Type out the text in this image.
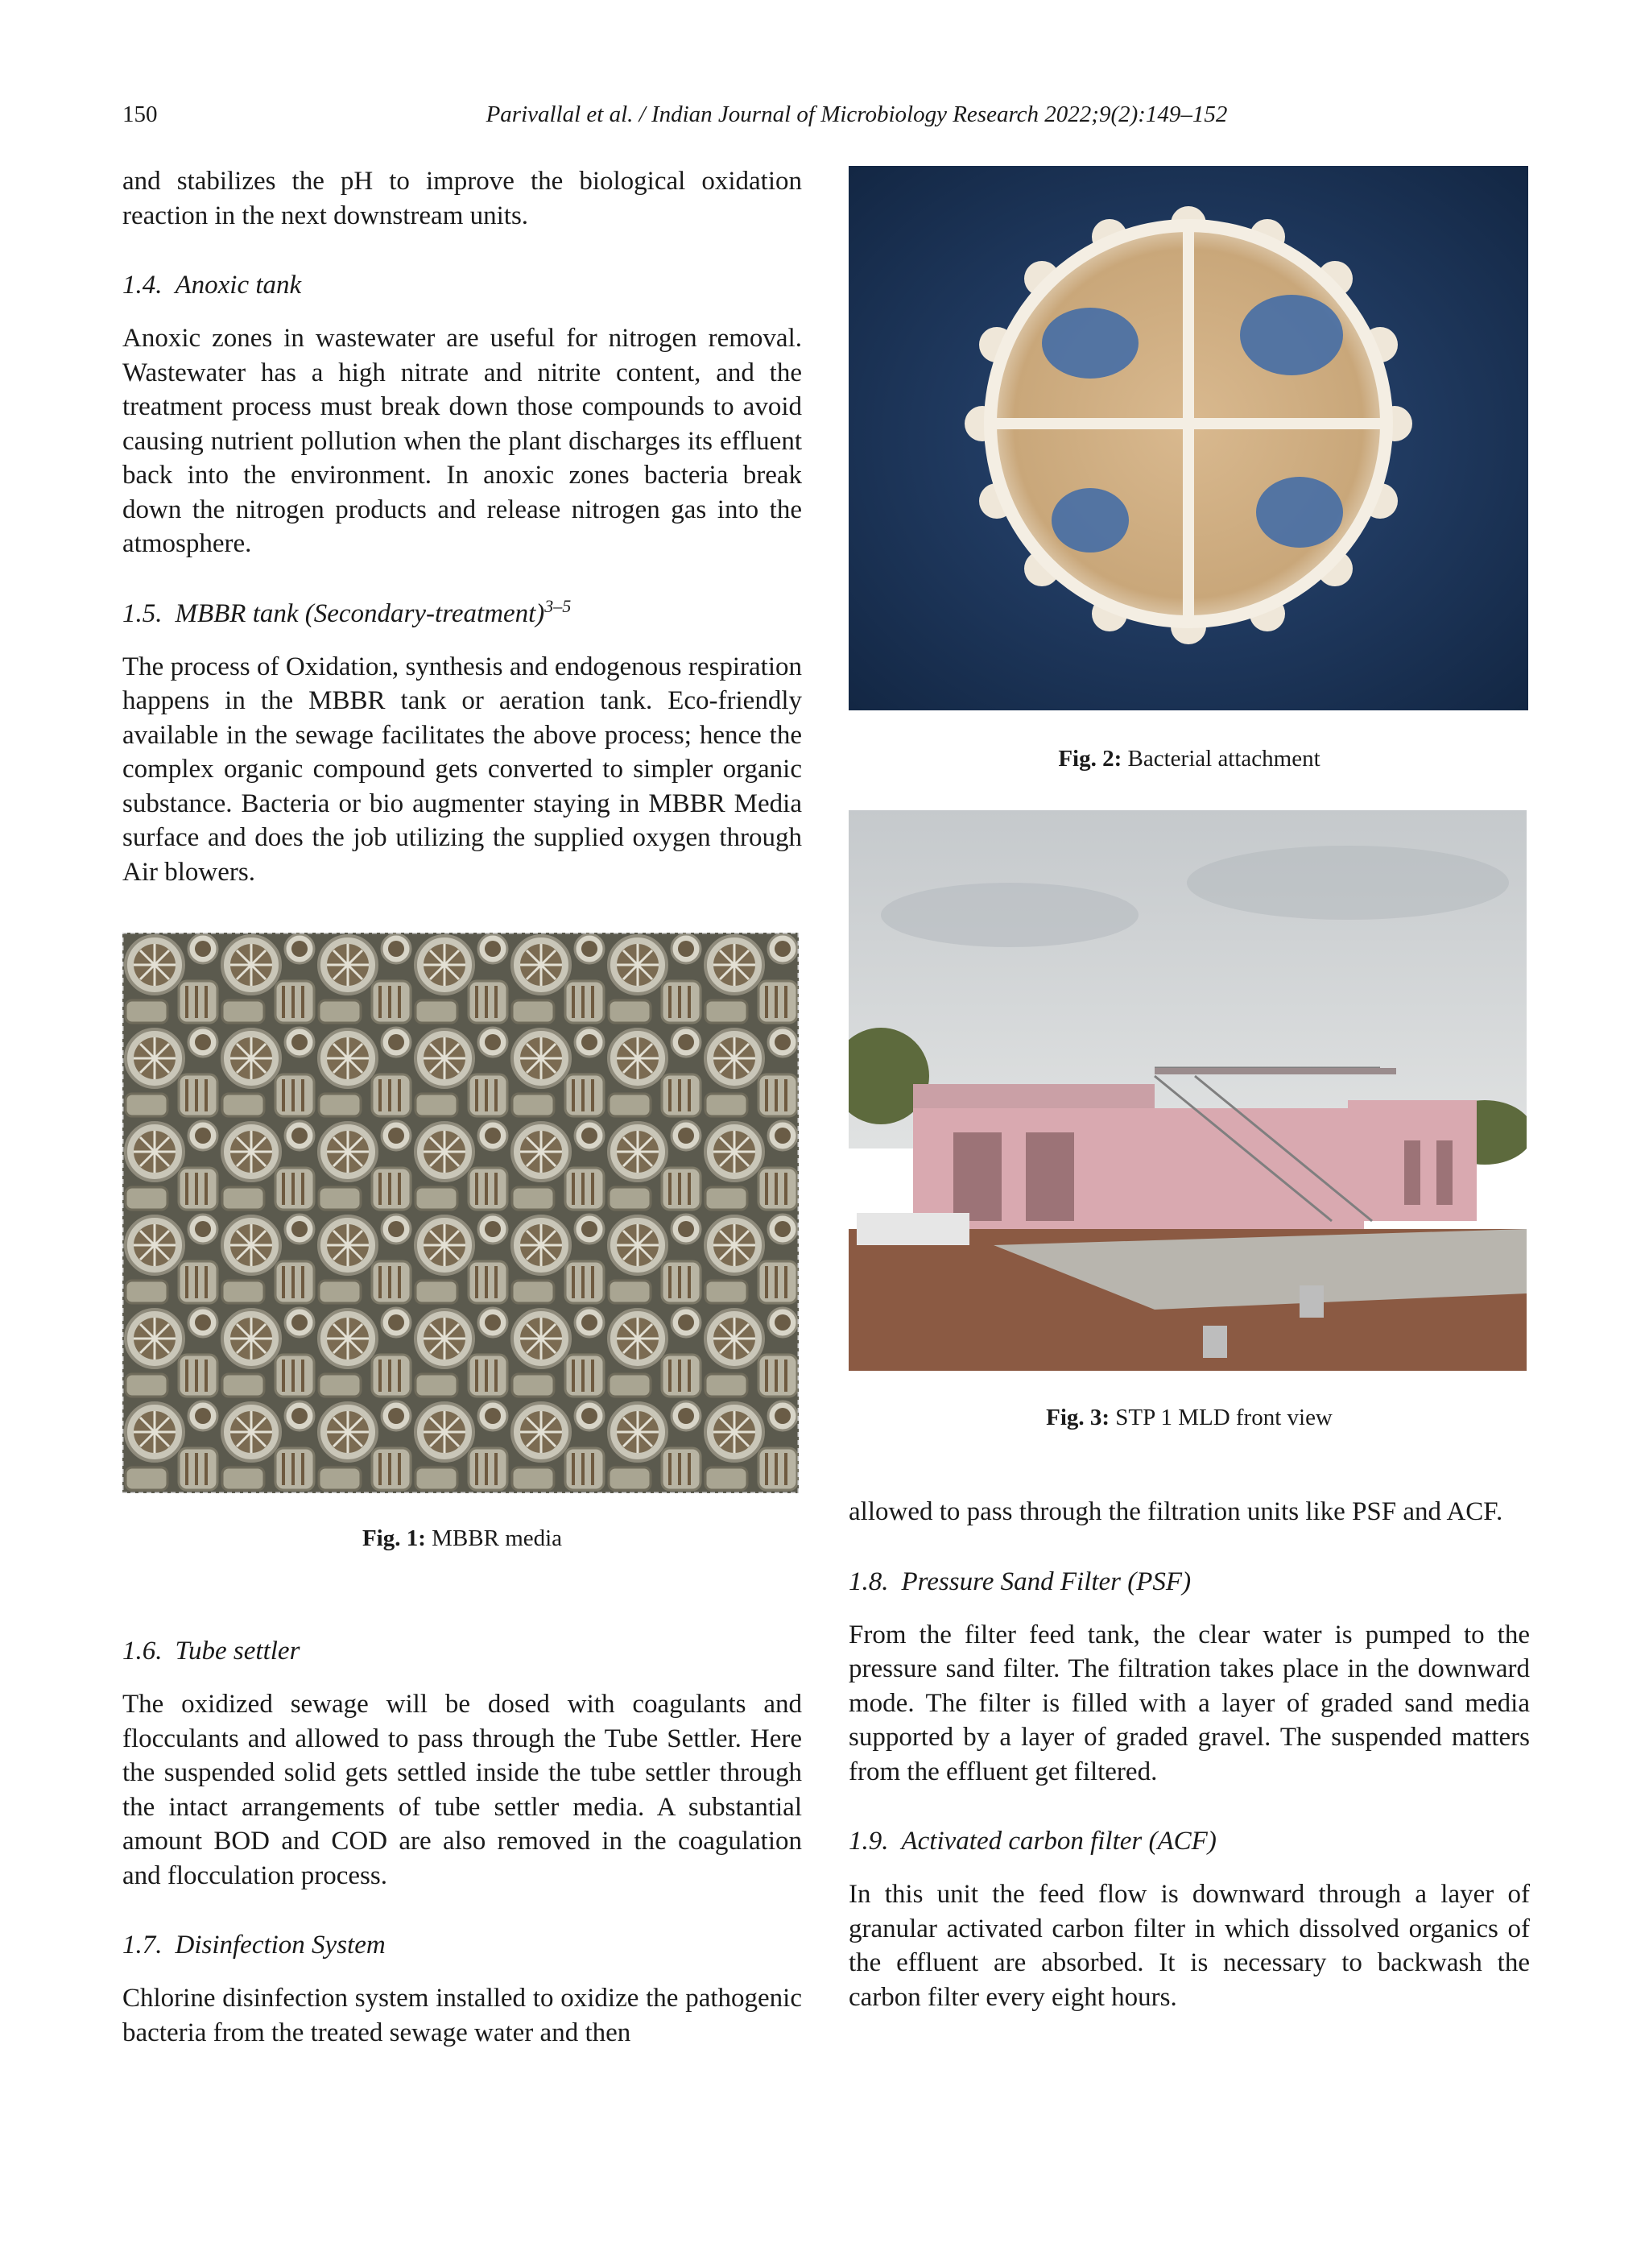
150	Parivallal et al. / Indian Journal of Microbiology Research 2022;9(2):149–152

and stabilizes the pH to improve the biological oxidation reaction in the next downstream units.

1.4. Anoxic tank

Anoxic zones in wastewater are useful for nitrogen removal. Wastewater has a high nitrate and nitrite content, and the treatment process must break down those compounds to avoid causing nutrient pollution when the plant discharges its effluent back into the environment. In anoxic zones bacteria break down the nitrogen products and release nitrogen gas into the atmosphere.

1.5. MBBR tank (Secondary-treatment)$^{3-5}$

The process of Oxidation, synthesis and endogenous respiration happens in the MBBR tank or aeration tank. Eco-friendly available in the sewage facilitates the above process; hence the complex organic compound gets converted to simpler organic substance. Bacteria or bio augmenter staying in MBBR Media surface and does the job utilizing the supplied oxygen through Air blowers.

Fig. 1: MBBR media
1.6. Tube settler

The oxidized sewage will be dosed with coagulants and flocculants and allowed to pass through the Tube Settler. Here the suspended solid gets settled inside the tube settler through the intact arrangements of tube settler media. A substantial amount BOD and COD are also removed in the coagulation and flocculation process.

1.7. Disinfection System

Chlorine disinfection system installed to oxidize the pathogenic bacteria from the treated sewage water and then

Fig. 2: Bacterial attachment
Fig. 3: STP 1 MLD front view

allowed to pass through the filtration units like PSF and ACF.

1.8. Pressure Sand Filter (PSF)

From the filter feed tank, the clear water is pumped to the pressure sand filter. The filtration takes place in the downward mode. The filter is filled with a layer of graded sand media supported by a layer of graded gravel. The suspended matters from the effluent get filtered.

1.9. Activated carbon filter (ACF)

In this unit the feed flow is downward through a layer of granular activated carbon filter in which dissolved organics of the effluent are absorbed. It is necessary to backwash the carbon filter every eight hours.
